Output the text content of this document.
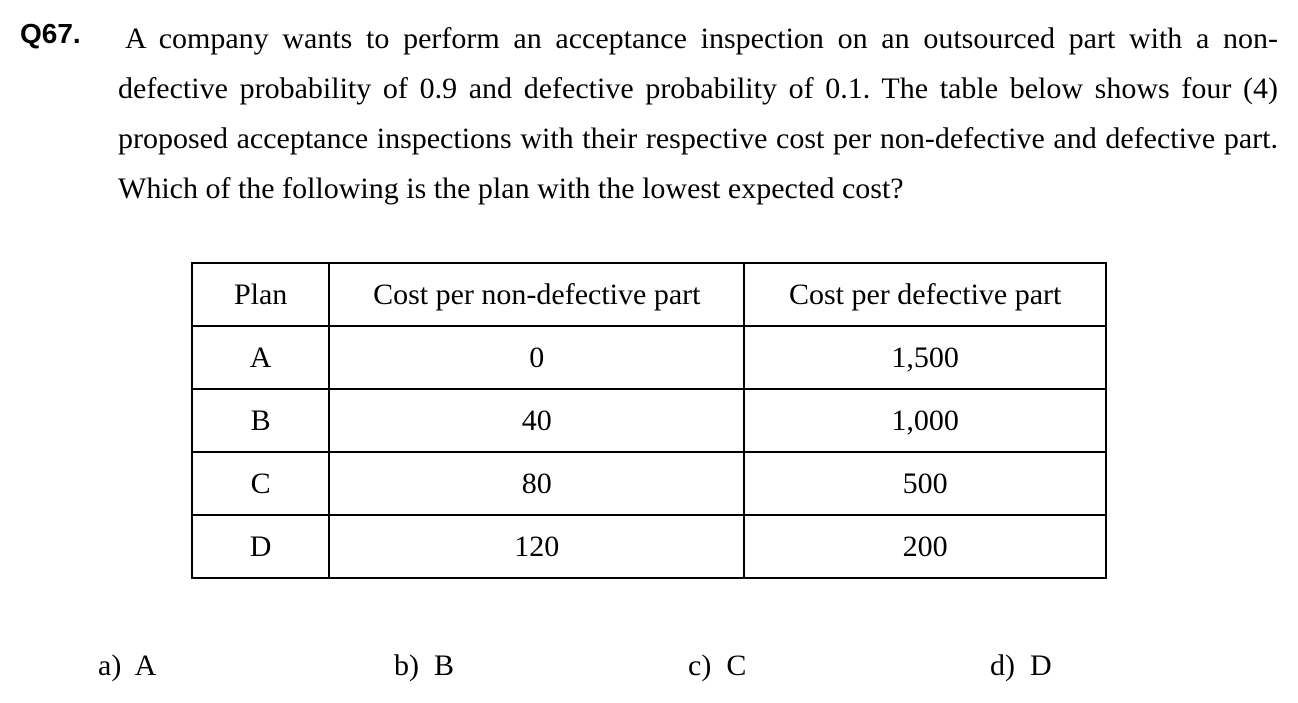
Q67. A company wants to perform an acceptance inspection on an outsourced part with a non-defective probability of 0.9 and defective probability of 0.1. The table below shows four (4) proposed acceptance inspections with their respective cost per non-defective and defective part. Which of the following is the plan with the lowest expected cost?

Plan	Cost per non-defective part	Cost per defective part
A	0	1,500
B	40	1,000
C	80	500
D	120	200
a) A	b) B	c) C	d) D
